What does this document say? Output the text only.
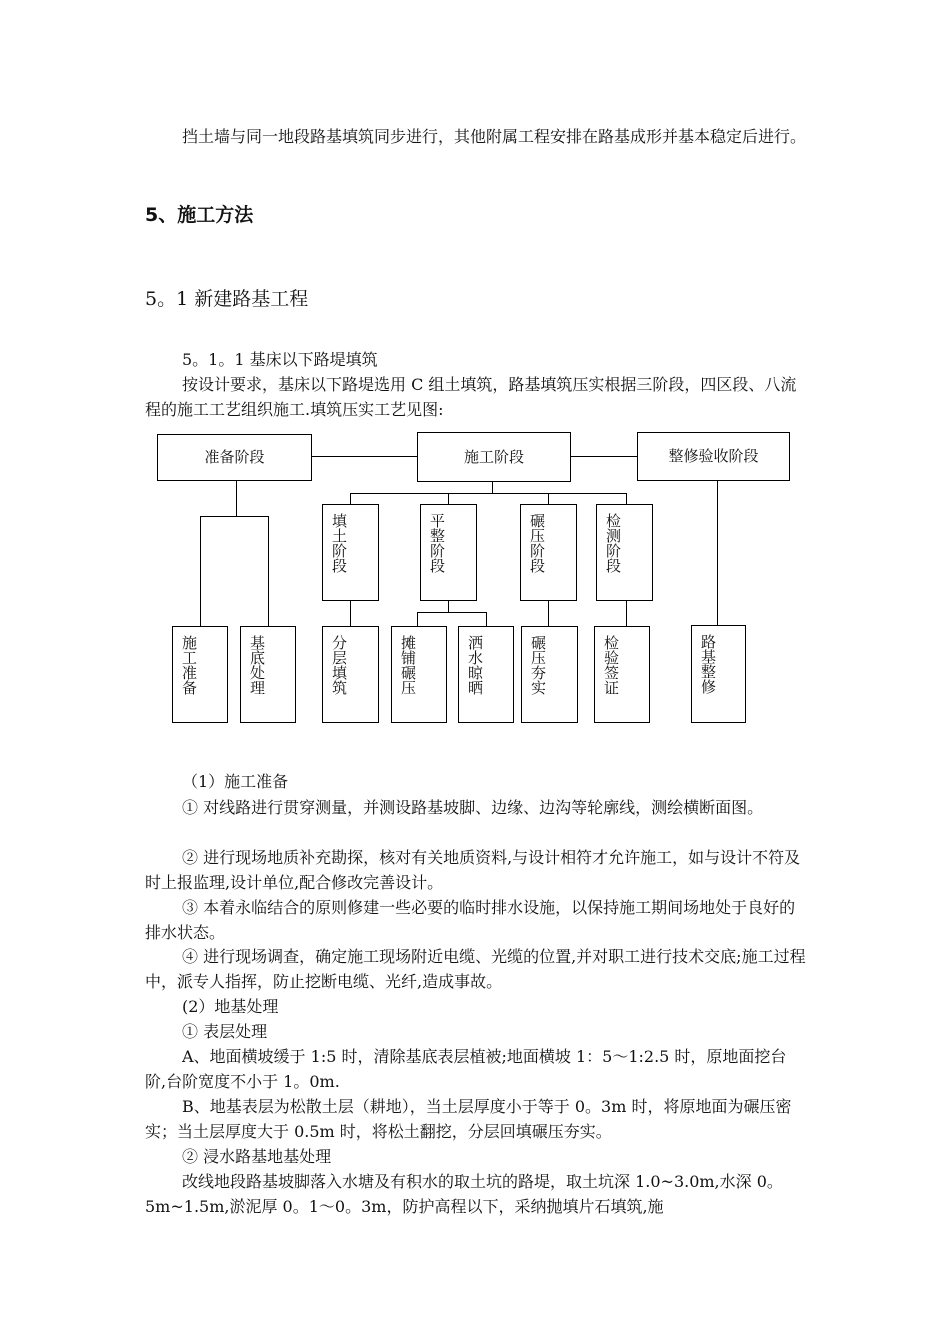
挡土墙与同一地段路基填筑同步进行，其他附属工程安排在路基成形并基本稳定后进行。

5、施工方法

5。1 新建路基工程

5。1。1 基床以下路堤填筑

按设计要求，基床以下路堤选用 C 组土填筑，路基填筑压实根据三阶段，四区段、八流程的施工工艺组织施工.填筑压实工艺见图:

准备阶段	施工阶段	整修验收阶段
填土阶段	平整阶段	碾压阶段	检测阶段
施工准备	基底处理	分层填筑	摊铺碾压	洒水晾晒	碾压夯实	检验签证	路基整修

（1）施工准备

① 对线路进行贯穿测量，并测设路基坡脚、边缘、边沟等轮廓线，测绘横断面图。

② 进行现场地质补充勘探，核对有关地质资料,与设计相符才允许施工，如与设计不符及时上报监理,设计单位,配合修改完善设计。

③ 本着永临结合的原则修建一些必要的临时排水设施，以保持施工期间场地处于良好的排水状态。

④ 进行现场调查，确定施工现场附近电缆、光缆的位置,并对职工进行技术交底;施工过程中，派专人指挥，防止挖断电缆、光纤,造成事故。

(2）地基处理

① 表层处理

A、地面横坡缓于 1:5 时，清除基底表层植被;地面横坡 1：5～1:2.5 时，原地面挖台阶,台阶宽度不小于 1。0m.

B、地基表层为松散土层（耕地），当土层厚度小于等于 0。3m 时，将原地面为碾压密实；当土层厚度大于 0.5m 时，将松土翻挖，分层回填碾压夯实。

② 浸水路基地基处理

改线地段路基坡脚落入水塘及有积水的取土坑的路堤，取土坑深 1.0~3.0m,水深 0。5m~1.5m,淤泥厚 0。1～0。3m，防护高程以下，采纳抛填片石填筑,施
